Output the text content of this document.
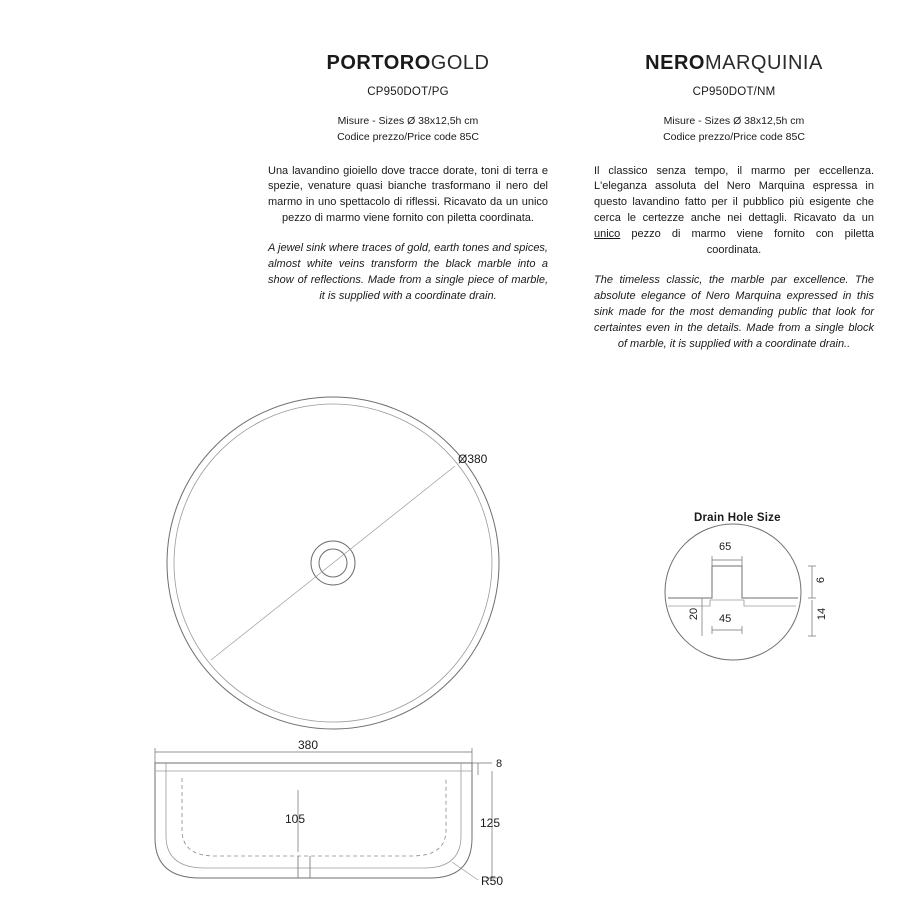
PORTOROGOLD
CP950DOT/PG
Misure - Sizes Ø 38x12,5h cm
Codice prezzo/Price code 85C
Una lavandino gioiello dove tracce dorate, toni di terra e spezie, venature quasi bianche trasformano il nero del marmo in uno spettacolo di riflessi. Ricavato da un unico pezzo di marmo viene fornito con piletta coordinata.
A jewel sink where traces of gold, earth tones and spices, almost white veins transform the black marble into a show of reflections. Made from a single piece of marble, it is supplied with a coordinate drain.
NEROMARQUINIA
CP950DOT/NM
Misure - Sizes Ø 38x12,5h cm
Codice prezzo/Price code 85C
Il classico senza tempo, il marmo per eccellenza. L'eleganza assoluta del Nero Marquina espressa in questo lavandino fatto per il pubblico più esigente che cerca le certezze anche nei dettagli. Ricavato da un unico pezzo di marmo viene fornito con piletta coordinata.
The timeless classic, the marble par excellence. The absolute elegance of Nero Marquina expressed in this sink made for the most demanding public that look for certaintes even in the details. Made from a single block of marble, it is supplied with a coordinate drain..
Ø380
Drain Hole Size
65
45
20
6
14
380
8
105	125
R50
